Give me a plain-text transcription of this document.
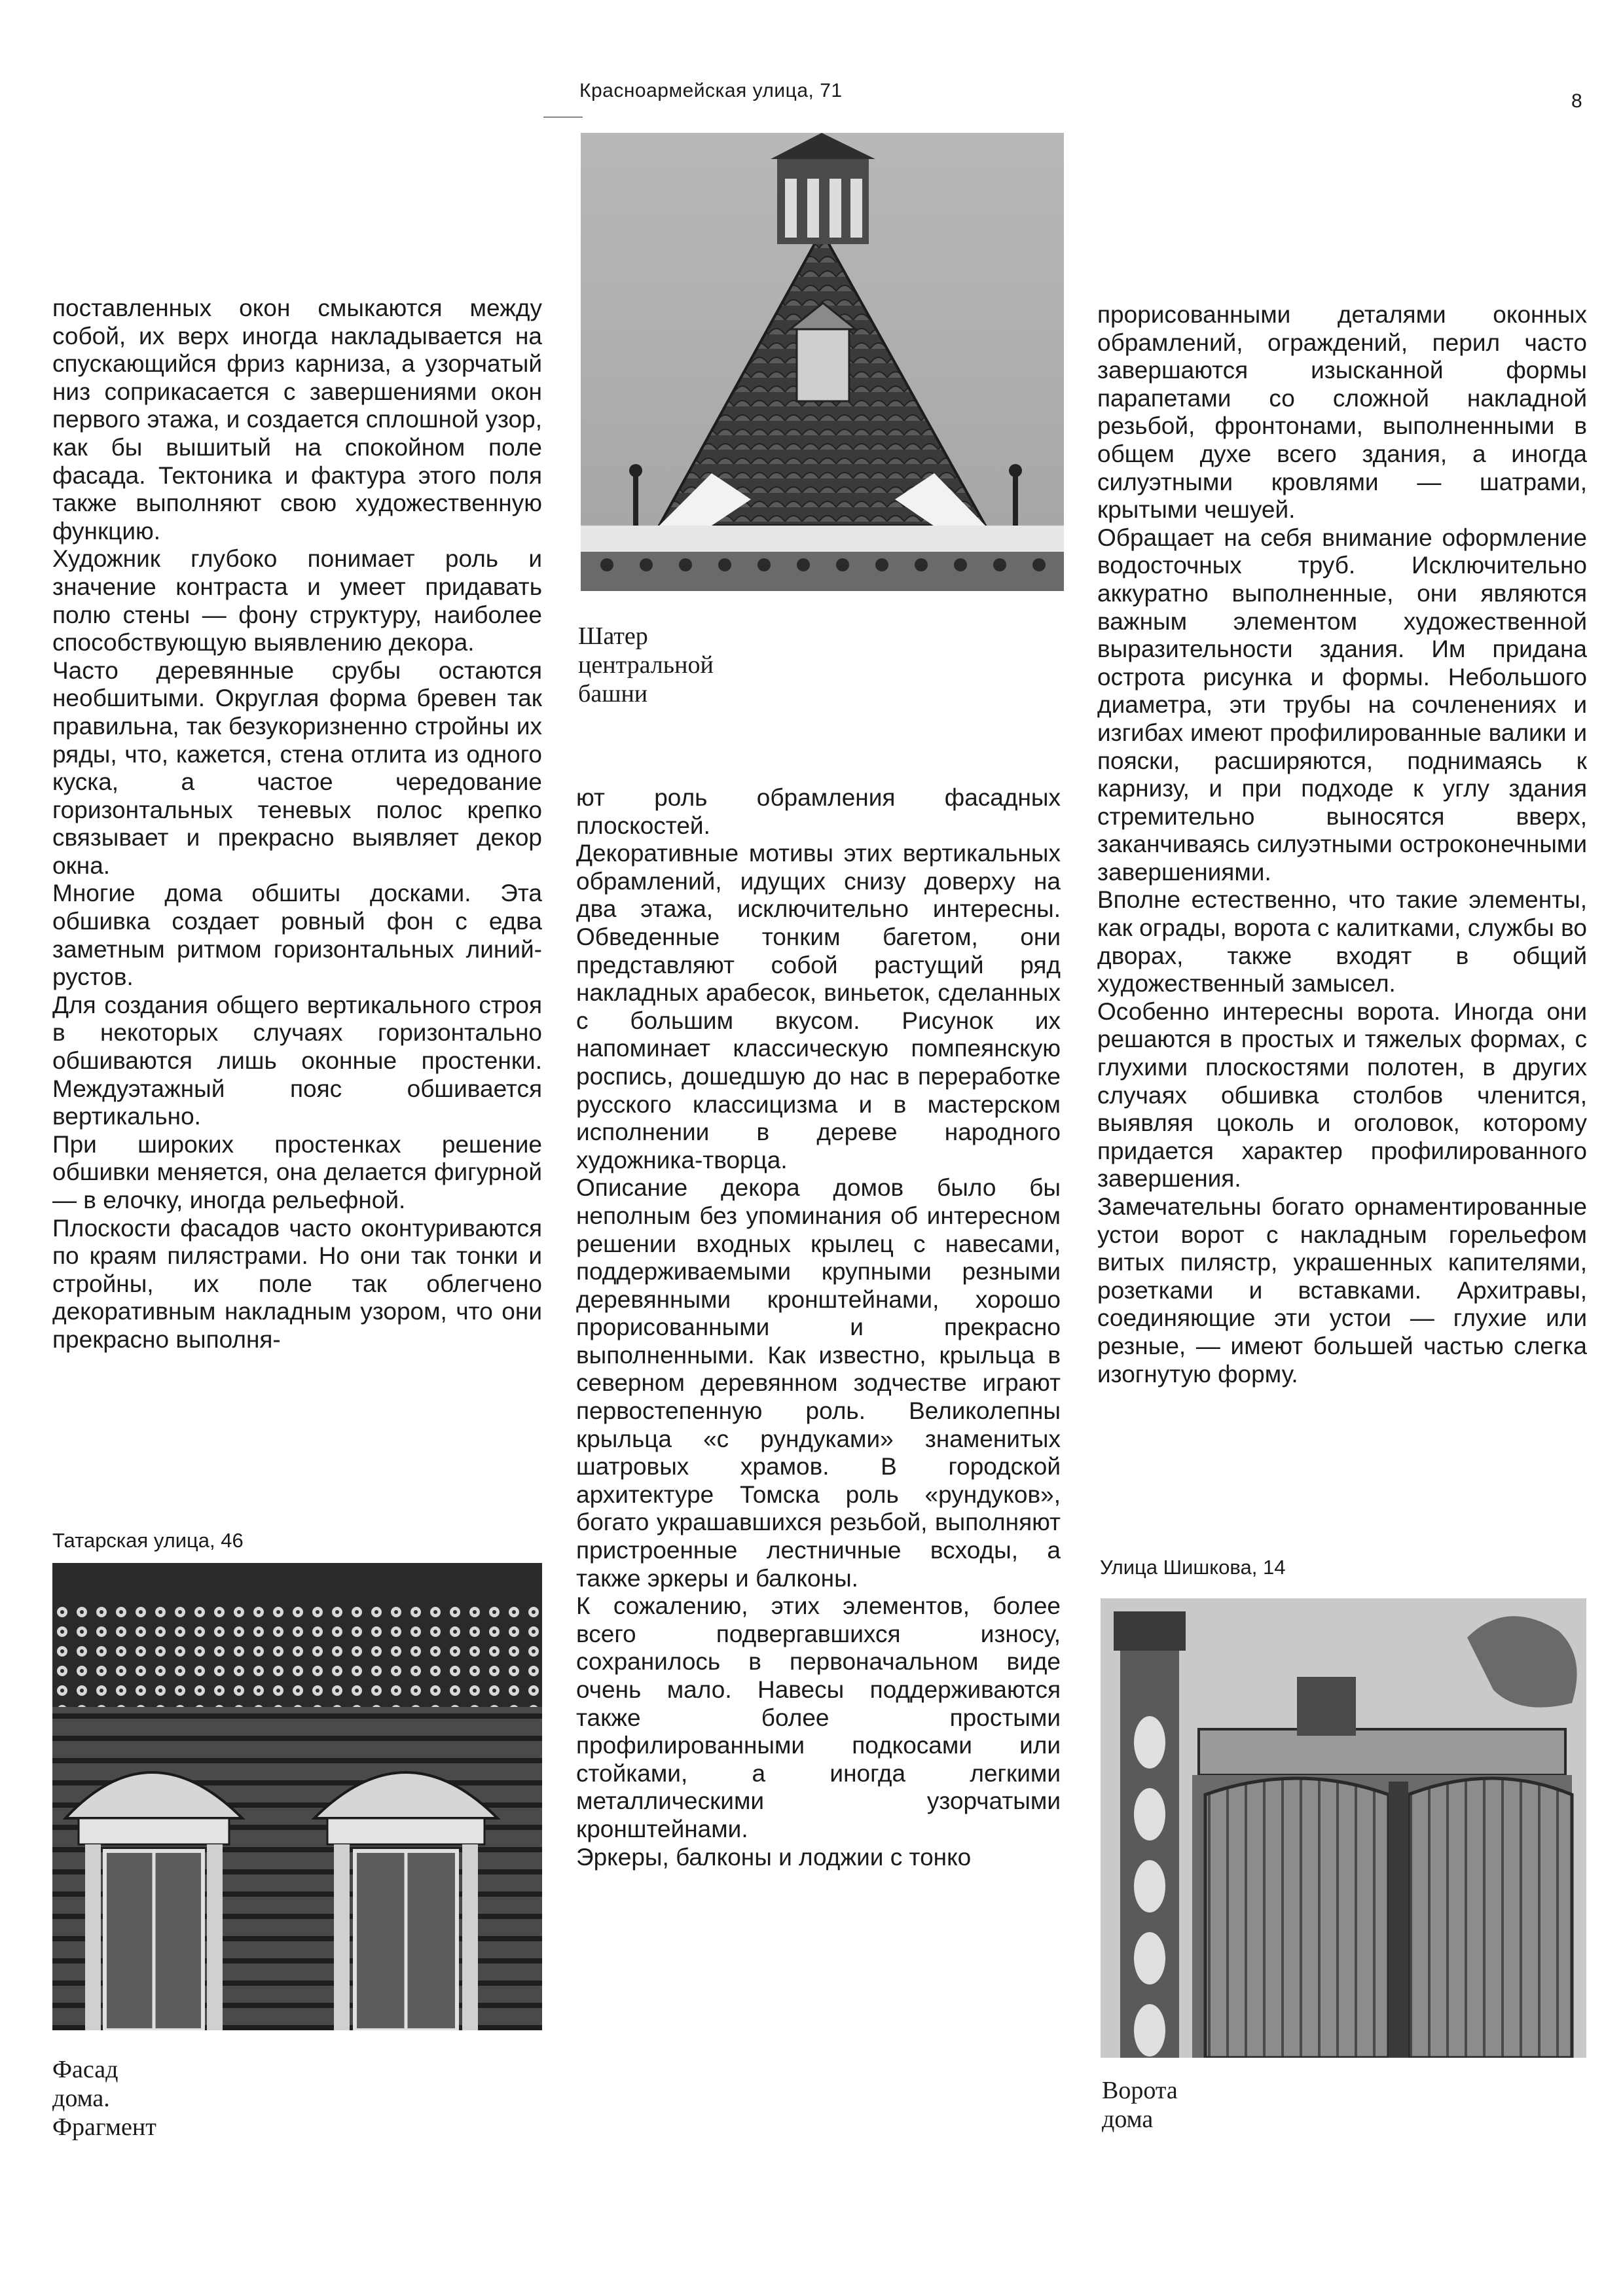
Красноармейская улица, 71	8
Шатер
центральной
башни

поставленных окон смыкаются между собой, их верх иногда накладывается на спускающийся фриз карниза, а узорчатый низ соприкасается с завершениями окон первого этажа, и создается сплошной узор, как бы вышитый на спокойном поле фасада. Тектоника и фактура этого поля также выполняют свою художественную функцию.

Художник глубоко понимает роль и значение контраста и умеет придавать полю стены — фону структуру, наиболее способствующую выявлению декора.

Часто деревянные срубы остаются необшитыми. Округлая форма бревен так правильна, так безукоризненно стройны их ряды, что, кажется, стена отлита из одного куска, а частое чередование горизонтальных теневых полос крепко связывает и прекрасно выявляет декор окна.

Многие дома обшиты досками. Эта обшивка создает ровный фон с едва заметным ритмом горизонтальных линий-рустов.

Для создания общего вертикального строя в некоторых случаях горизонтально обшиваются лишь оконные простенки. Междуэтажный пояс обшивается вертикально.

При широких простенках решение обшивки меняется, она делается фигурной — в елочку, иногда рельефной.

Плоскости фасадов часто оконтуриваются по краям пилястрами. Но они так тонки и стройны, их поле так облегчено декоративным накладным узором, что они прекрасно выполня-

ют роль обрамления фасадных плоскостей.

Декоративные мотивы этих вертикальных обрамлений, идущих снизу доверху на два этажа, исключительно интересны. Обведенные тонким багетом, они представляют собой растущий ряд накладных арабесок, виньеток, сделанных с большим вкусом. Рисунок их напоминает классическую помпеянскую роспись, дошедшую до нас в переработке русского классицизма и в мастерском исполнении в дереве народного художника-творца.

Описание декора домов было бы неполным без упоминания об интересном решении входных крылец с навесами, поддерживаемыми крупными резными деревянными кронштейнами, хорошо прорисованными и прекрасно выполненными. Как известно, крыльца в северном деревянном зодчестве играют первостепенную роль. Великолепны крыльца «с рундуками» знаменитых шатровых храмов. В городской архитектуре Томска роль «рундуков», богато украшавшихся резьбой, выполняют пристроенные лестничные всходы, а также эркеры и балконы.

К сожалению, этих элементов, более всего подвергавшихся износу, сохранилось в первоначальном виде очень мало. Навесы поддерживаются также более простыми профилированными подкосами или стойками, а иногда легкими металлическими узорчатыми кронштейнами.

Эркеры, балконы и лоджии с тонко

прорисованными деталями оконных обрамлений, ограждений, перил часто завершаются изысканной формы парапетами со сложной накладной резьбой, фронтонами, выполненными в общем духе всего здания, а иногда силуэтными кровлями — шатрами, крытыми чешуей.

Обращает на себя внимание оформление водосточных труб. Исключительно аккуратно выполненные, они являются важным элементом художественной выразительности здания. Им придана острота рисунка и формы. Небольшого диаметра, эти трубы на сочленениях и изгибах имеют профилированные валики и пояски, расширяются, поднимаясь к карнизу, и при подходе к углу здания стремительно выносятся вверх, заканчиваясь силуэтными остроконечными завершениями.

Вполне естественно, что такие элементы, как ограды, ворота с калитками, службы во дворах, также входят в общий художественный замысел.

Особенно интересны ворота. Иногда они решаются в простых и тяжелых формах, с глухими плоскостями полотен, в других случаях обшивка столбов членится, выявляя цоколь и оголовок, которому придается характер профилированного завершения.

Замечательны богато орнаментированные устои ворот с накладным горельефом витых пилястр, украшенных капителями, розетками и вставками. Архитравы, соединяющие эти устои — глухие или резные, — имеют большей частью слегка изогнутую форму.

Татарская улица, 46
Фасад
дома.
Фрагмент
Улица Шишкова, 14
Ворота
дома
